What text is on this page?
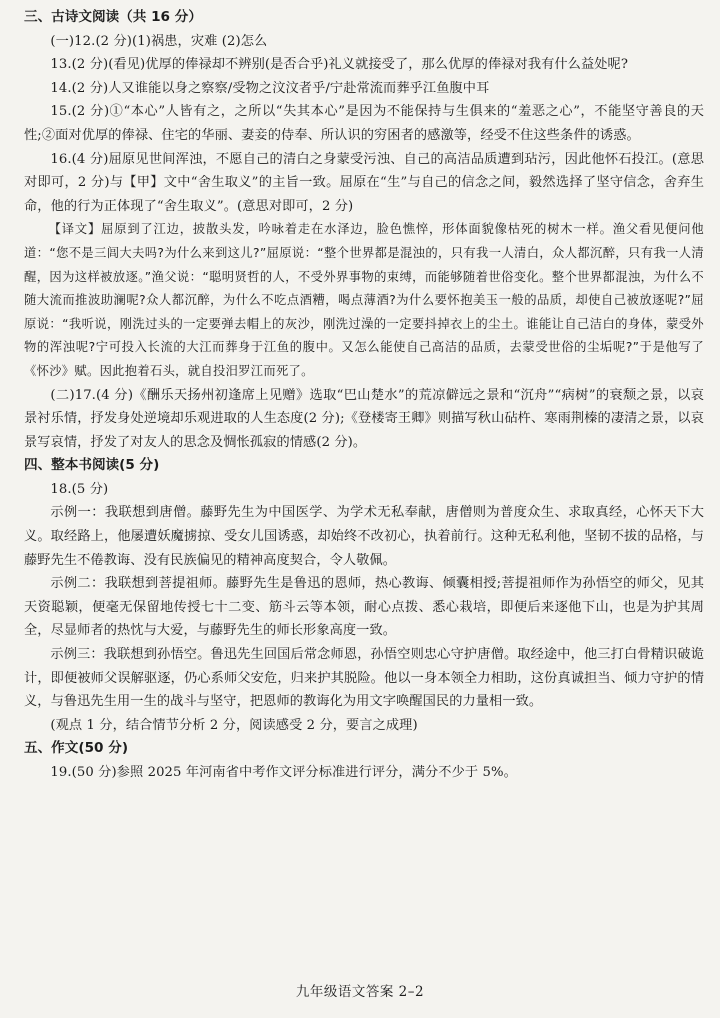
三、古诗文阅读（共 16 分）

(一)12.(2 分)(1)祸患，灾难 (2)怎么

13.(2 分)(看见)优厚的俸禄却不辨别(是否合乎)礼义就接受了，那么优厚的俸禄对我有什么益处呢?

14.(2 分)人又谁能以身之察察/受物之汶汶者乎/宁赴常流而葬乎江鱼腹中耳

15.(2 分)①“本心”人皆有之，之所以“失其本心”是因为不能保持与生俱来的“羞恶之心”，不能坚守善良的天性;②面对优厚的俸禄、住宅的华丽、妻妾的侍奉、所认识的穷困者的感激等，经受不住这些条件的诱惑。

16.(4 分)屈原见世间浑浊，不愿自己的清白之身蒙受污浊、自己的高洁品质遭到玷污，因此他怀石投江。(意思对即可，2 分)与【甲】文中“舍生取义”的主旨一致。屈原在“生”与自己的信念之间，毅然选择了坚守信念，舍弃生命，他的行为正体现了“舍生取义”。(意思对即可，2 分)

【译文】屈原到了江边，披散头发，吟咏着走在水泽边，脸色憔悴，形体面貌像枯死的树木一样。渔父看见便问他道：“您不是三闾大夫吗?为什么来到这儿?”屈原说：“整个世界都是混浊的，只有我一人清白，众人都沉醉，只有我一人清醒，因为这样被放逐。”渔父说：“聪明贤哲的人，不受外界事物的束缚，而能够随着世俗变化。整个世界都混浊，为什么不随大流而推波助澜呢?众人都沉醉，为什么不吃点酒糟，喝点薄酒?为什么要怀抱美玉一般的品质，却使自己被放逐呢?”屈原说：“我听说，刚洗过头的一定要弹去帽上的灰沙，刚洗过澡的一定要抖掉衣上的尘土。谁能让自己洁白的身体，蒙受外物的浑浊呢?宁可投入长流的大江而葬身于江鱼的腹中。又怎么能使自己高洁的品质，去蒙受世俗的尘垢呢?”于是他写了《怀沙》赋。因此抱着石头，就自投汨罗江而死了。

(二)17.(4 分)《酬乐天扬州初逢席上见赠》选取“巴山楚水”的荒凉僻远之景和“沉舟”“病树”的衰颓之景，以哀景衬乐情，抒发身处逆境却乐观进取的人生态度(2 分);《登楼寄王卿》则描写秋山砧杵、寒雨荆榛的凄清之景，以哀景写哀情，抒发了对友人的思念及惆怅孤寂的情感(2 分)。

四、整本书阅读(5 分)

18.(5 分)

示例一：我联想到唐僧。藤野先生为中国医学、为学术无私奉献，唐僧则为普度众生、求取真经，心怀天下大义。取经路上，他屡遭妖魔掳掠、受女儿国诱惑，却始终不改初心，执着前行。这种无私利他，坚韧不拔的品格，与藤野先生不倦教诲、没有民族偏见的精神高度契合，令人敬佩。

示例二：我联想到菩提祖师。藤野先生是鲁迅的恩师，热心教诲、倾囊相授;菩提祖师作为孙悟空的师父，见其天资聪颖，便毫无保留地传授七十二变、筋斗云等本领，耐心点拨、悉心栽培，即便后来逐他下山，也是为护其周全，尽显师者的热忱与大爱，与藤野先生的师长形象高度一致。

示例三：我联想到孙悟空。鲁迅先生回国后常念师恩，孙悟空则忠心守护唐僧。取经途中，他三打白骨精识破诡计，即便被师父误解驱逐，仍心系师父安危，归来护其脱险。他以一身本领全力相助，这份真诚担当、倾力守护的情义，与鲁迅先生用一生的战斗与坚守，把恩师的教诲化为用文字唤醒国民的力量相一致。

(观点 1 分，结合情节分析 2 分，阅读感受 2 分，要言之成理)

五、作文(50 分)

19.(50 分)参照 2025 年河南省中考作文评分标准进行评分，满分不少于 5%。

九年级语文答案 2–2
